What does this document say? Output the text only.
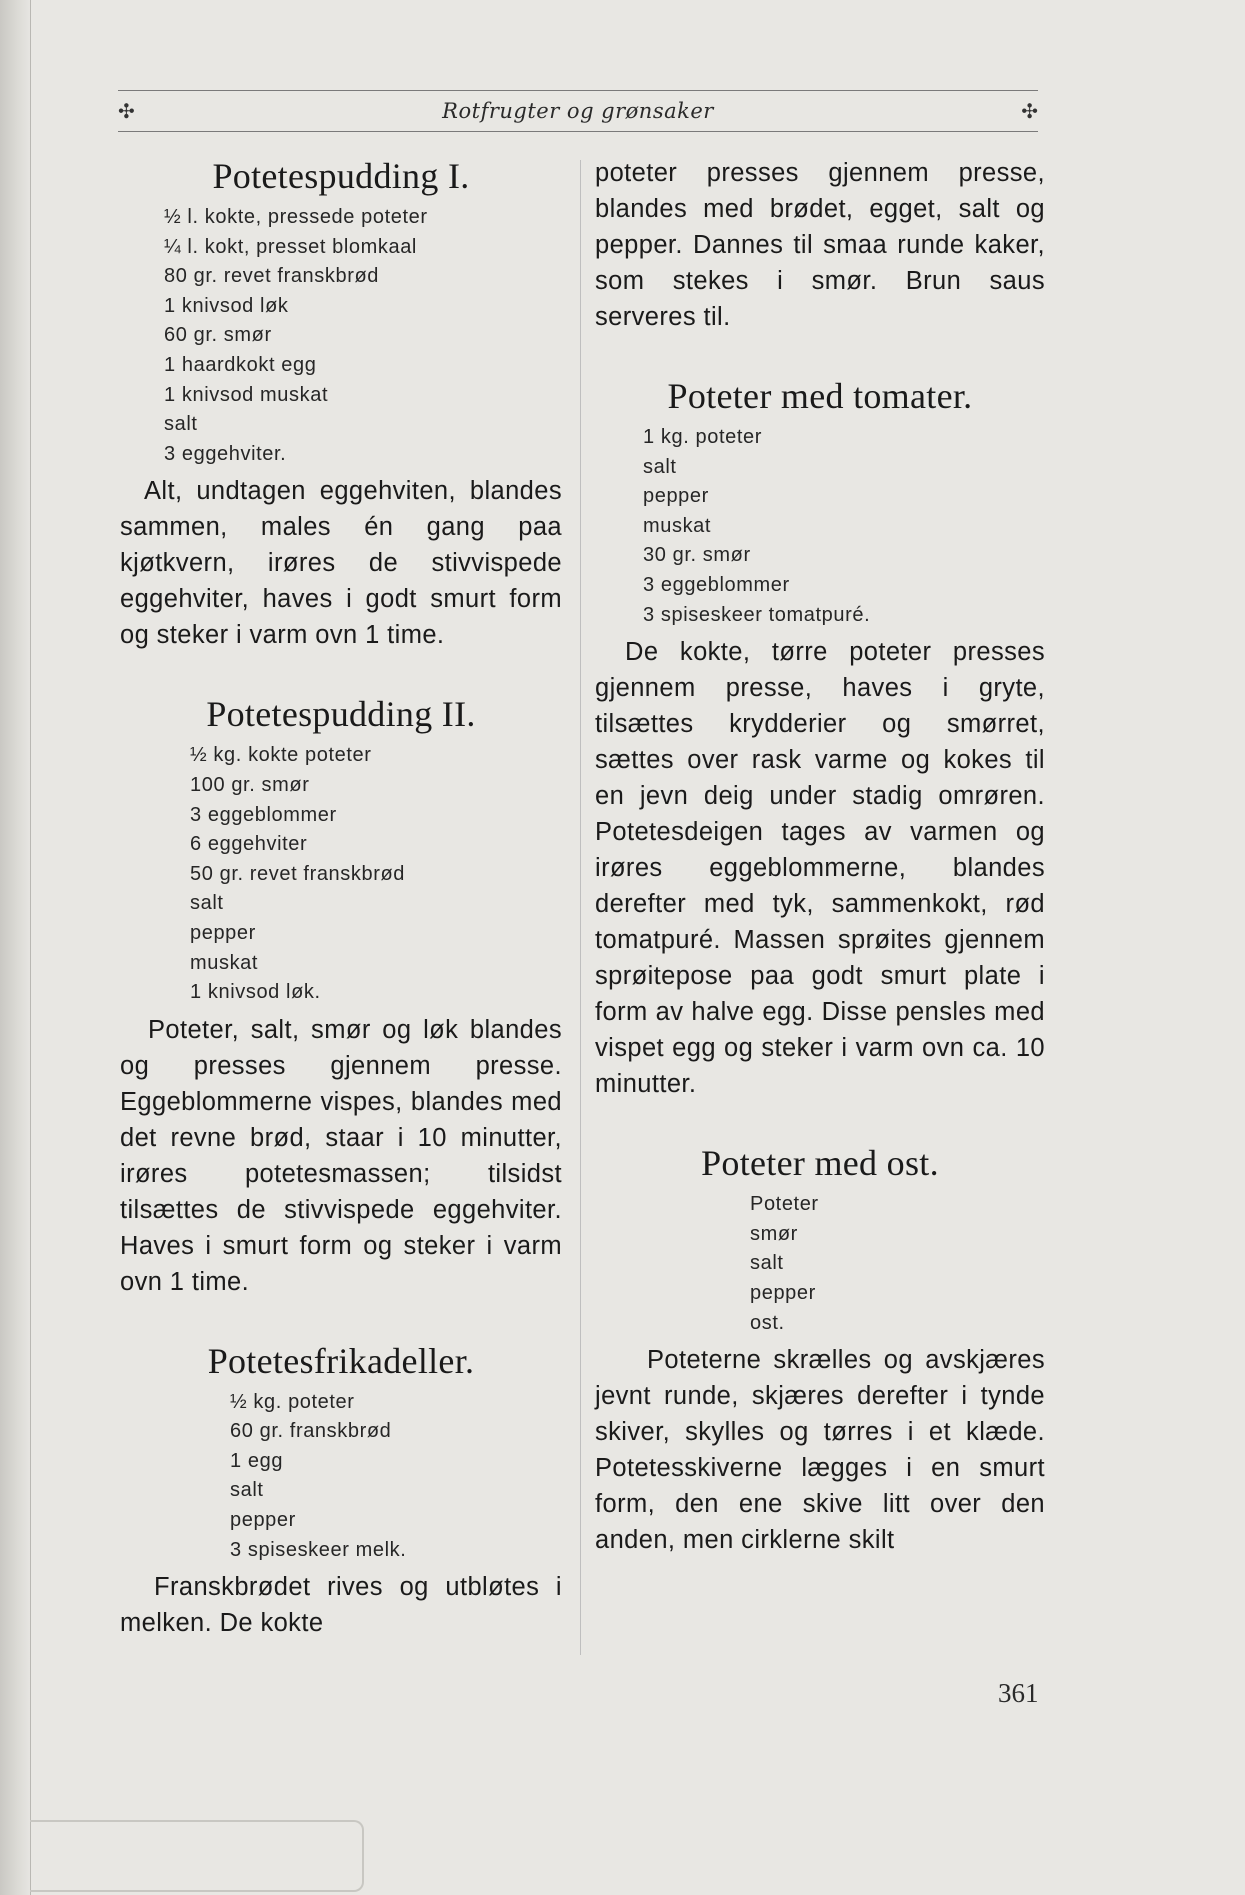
✣	Rotfrugter og grønsaker	✣
Potetespudding I.
½ l. kokte, pressede poteter
¼ l. kokt, presset blomkaal
80 gr. revet franskbrød
1 knivsod løk
60 gr. smør
1 haardkokt egg
1 knivsod muskat
salt
3 eggehviter.

Alt, undtagen eggehviten, blandes sammen, males én gang paa kjøtkvern, irøres de stivvispede eggehviter, haves i godt smurt form og steker i varm ovn 1 time.

Potetespudding II.
½ kg. kokte poteter
100 gr. smør
3 eggeblommer
6 eggehviter
50 gr. revet franskbrød
salt
pepper
muskat
1 knivsod løk.

Poteter, salt, smør og løk blandes og presses gjennem presse. Eggeblommerne vispes, blandes med det revne brød, staar i 10 minutter, irøres potetesmassen; tilsidst tilsættes de stivvispede eggehviter. Haves i smurt form og steker i varm ovn 1 time.

Potetesfrikadeller.
½ kg. poteter
60 gr. franskbrød
1 egg
salt
pepper
3 spiseskeer melk.

Franskbrødet rives og utbløtes i melken. De kokte

poteter presses gjennem presse, blandes med brødet, egget, salt og pepper. Dannes til smaa runde kaker, som stekes i smør. Brun saus serveres til.

Poteter med tomater.
1 kg. poteter
salt
pepper
muskat
30 gr. smør
3 eggeblommer
3 spiseskeer tomatpuré.

De kokte, tørre poteter presses gjennem presse, haves i gryte, tilsættes krydderier og smørret, sættes over rask varme og kokes til en jevn deig under stadig omrøren. Potetesdeigen tages av varmen og irøres eggeblommerne, blandes derefter med tyk, sammenkokt, rød tomatpuré. Massen sprøites gjennem sprøitepose paa godt smurt plate i form av halve egg. Disse pensles med vispet egg og steker i varm ovn ca. 10 minutter.

Poteter med ost.
Poteter
smør
salt
pepper
ost.

Poteterne skrælles og avskjæres jevnt runde, skjæres derefter i tynde skiver, skylles og tørres i et klæde. Potetesskiverne lægges i en smurt form, den ene skive litt over den anden, men cirklerne skilt

361
